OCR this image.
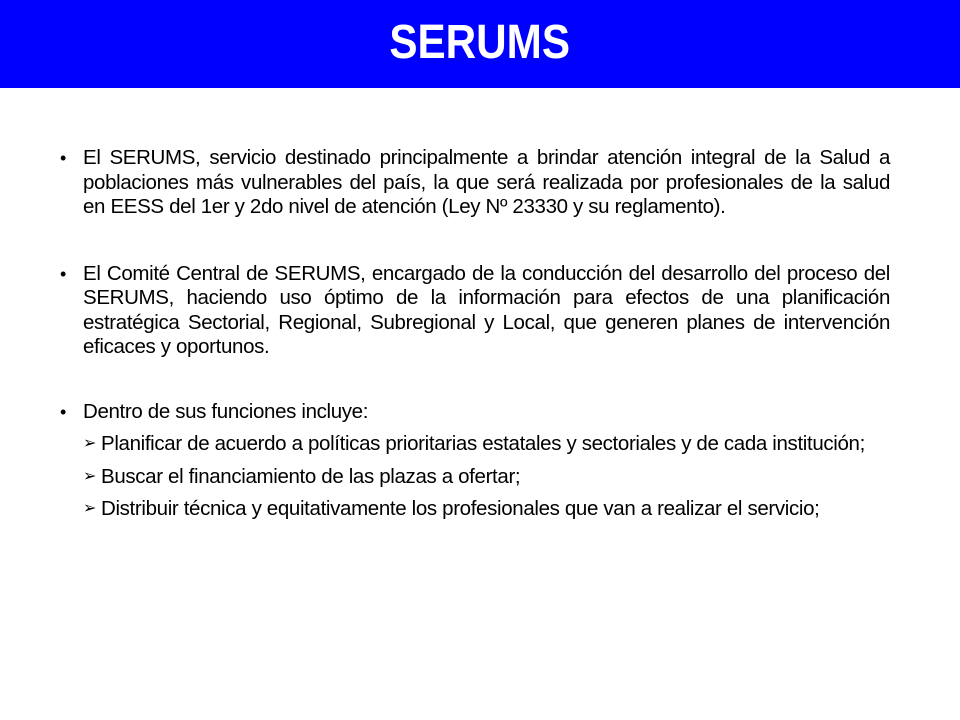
SERUMS
• El SERUMS, servicio destinado principalmente a brindar atención integral de la Salud a poblaciones más vulnerables del país, la que será realizada por profesionales de la salud en EESS del 1er y 2do nivel de atención (Ley Nº 23330 y su reglamento).
• El Comité Central de SERUMS, encargado de la conducción del desarrollo del proceso del SERUMS, haciendo uso óptimo de la información para efectos de una planificación estratégica Sectorial, Regional, Subregional y Local, que generen planes de intervención eficaces y oportunos.
• Dentro de sus funciones incluye:
➢ Planificar de acuerdo a políticas prioritarias estatales y sectoriales y de cada institución;
➢ Buscar el financiamiento de las plazas a ofertar;
➢ Distribuir técnica y equitativamente los profesionales que van a realizar el servicio;
